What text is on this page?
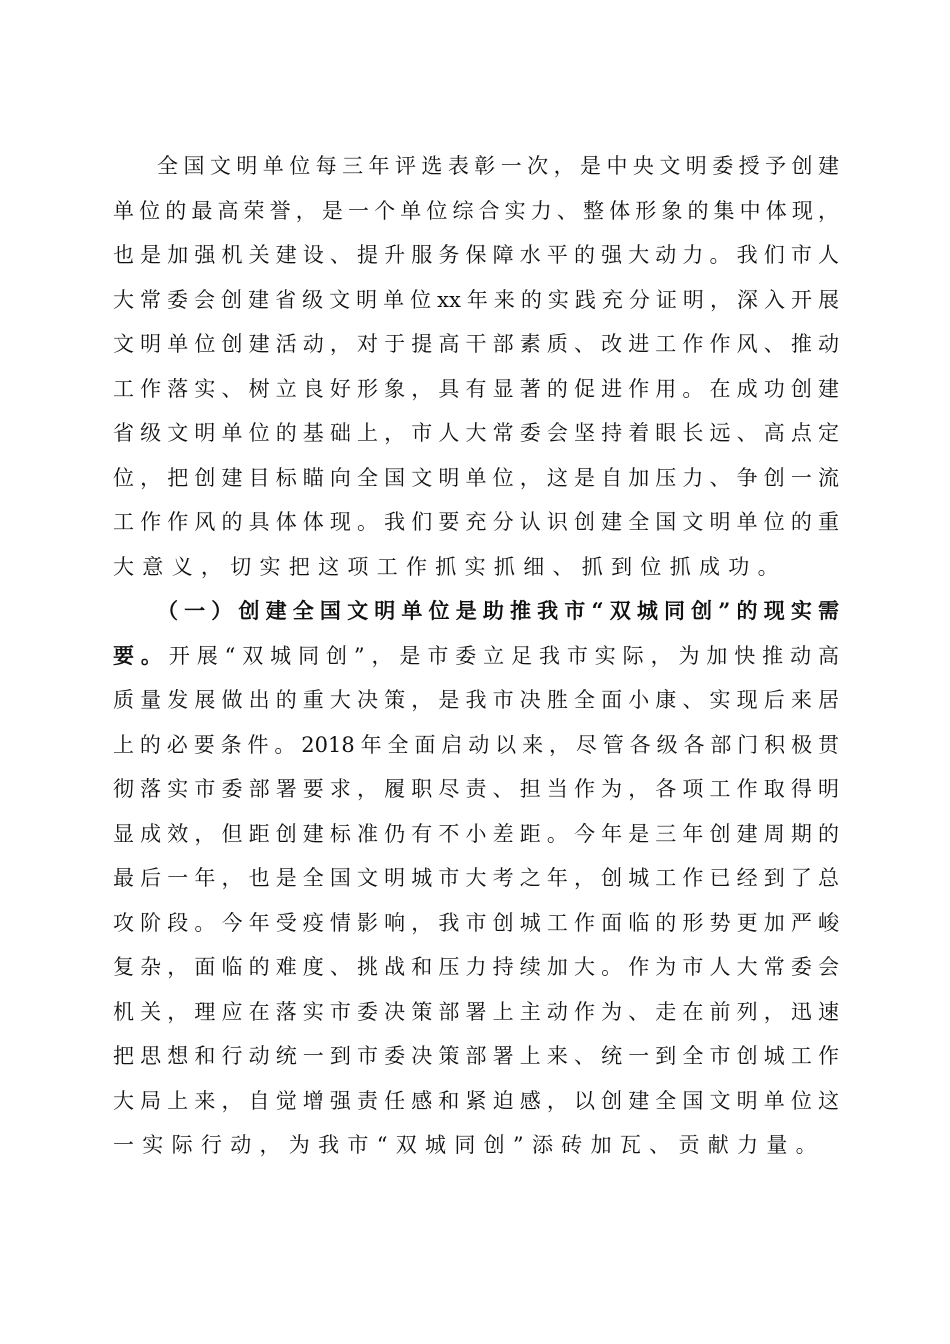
全国文明单位每三年评选表彰一次，是中央文明委授予创建
单位的最高荣誉，是一个单位综合实力、整体形象的集中体现，
也是加强机关建设、提升服务保障水平的强大动力。我们市人
大常委会创建省级文明单位xx年来的实践充分证明，深入开展
文明单位创建活动，对于提高干部素质、改进工作作风、推动
工作落实、树立良好形象，具有显著的促进作用。在成功创建
省级文明单位的基础上，市人大常委会坚持着眼长远、高点定
位，把创建目标瞄向全国文明单位，这是自加压力、争创一流
工作作风的具体体现。我们要充分认识创建全国文明单位的重
大意义，切实把这项工作抓实抓细、抓到位抓成功。
（一）创建全国文明单位是助推我市“双城同创”的现实需
要。开展“双城同创”，是市委立足我市实际，为加快推动高
质量发展做出的重大决策，是我市决胜全面小康、实现后来居
上的必要条件。2018年全面启动以来，尽管各级各部门积极贯
彻落实市委部署要求，履职尽责、担当作为，各项工作取得明
显成效，但距创建标准仍有不小差距。今年是三年创建周期的
最后一年，也是全国文明城市大考之年，创城工作已经到了总
攻阶段。今年受疫情影响，我市创城工作面临的形势更加严峻
复杂，面临的难度、挑战和压力持续加大。作为市人大常委会
机关，理应在落实市委决策部署上主动作为、走在前列，迅速
把思想和行动统一到市委决策部署上来、统一到全市创城工作
大局上来，自觉增强责任感和紧迫感，以创建全国文明单位这
一实际行动，为我市“双城同创”添砖加瓦、贡献力量。
